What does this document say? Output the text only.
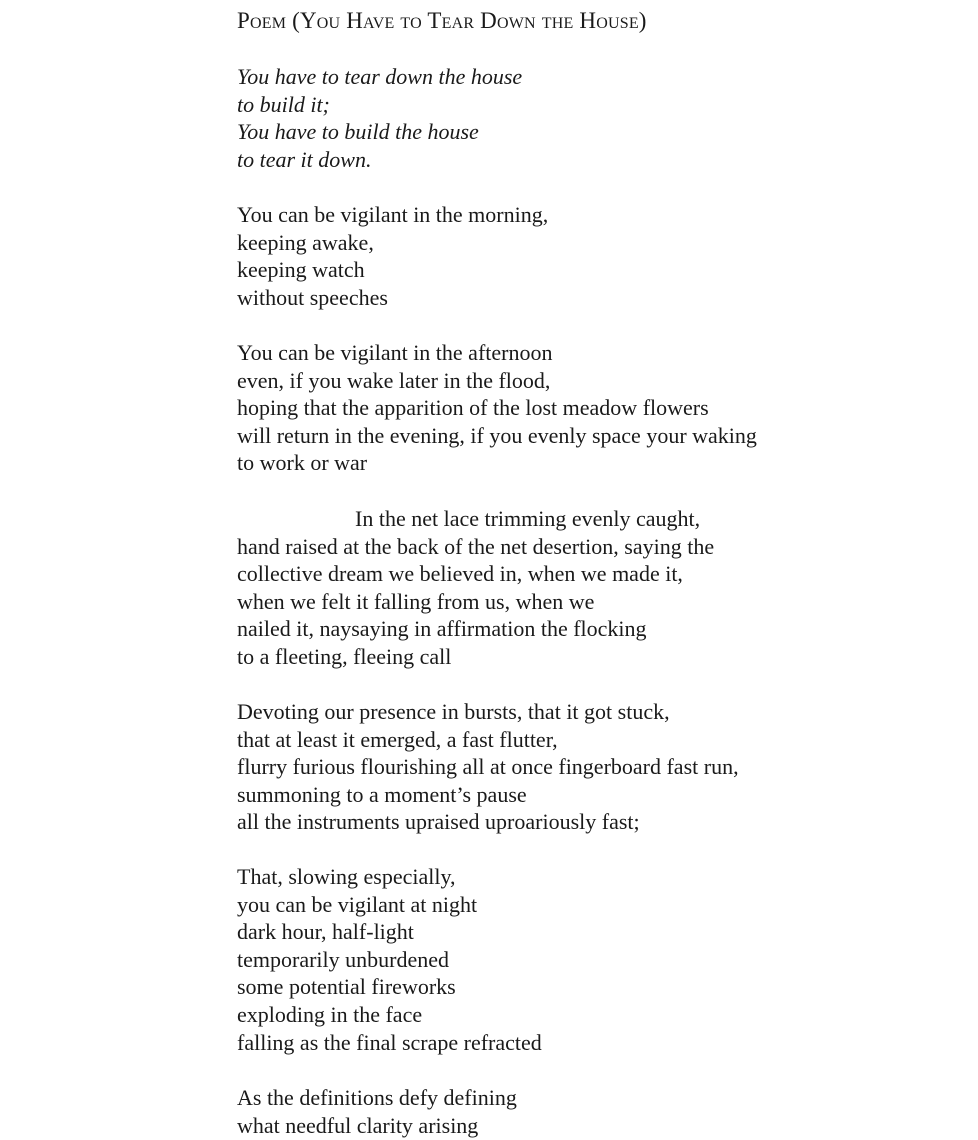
Poem (You Have to Tear Down the House)
You have to tear down the house
to build it;
You have to build the house
to tear it down.
You can be vigilant in the morning,
keeping awake,
keeping watch
without speeches
You can be vigilant in the afternoon
even, if you wake later in the flood,
hoping that the apparition of the lost meadow flowers
will return in the evening, if you evenly space your waking
to work or war
In the net lace trimming evenly caught,
hand raised at the back of the net desertion, saying the
collective dream we believed in, when we made it,
when we felt it falling from us, when we
nailed it, naysaying in affirmation the flocking
to a fleeting, fleeing call
Devoting our presence in bursts, that it got stuck,
that at least it emerged, a fast flutter,
flurry furious flourishing all at once fingerboard fast run,
summoning to a moment’s pause
all the instruments upraised uproariously fast;
That, slowing especially,
you can be vigilant at night
dark hour, half-light
temporarily unburdened
some potential fireworks
exploding in the face
falling as the final scrape refracted
As the definitions defy defining
what needful clarity arising
